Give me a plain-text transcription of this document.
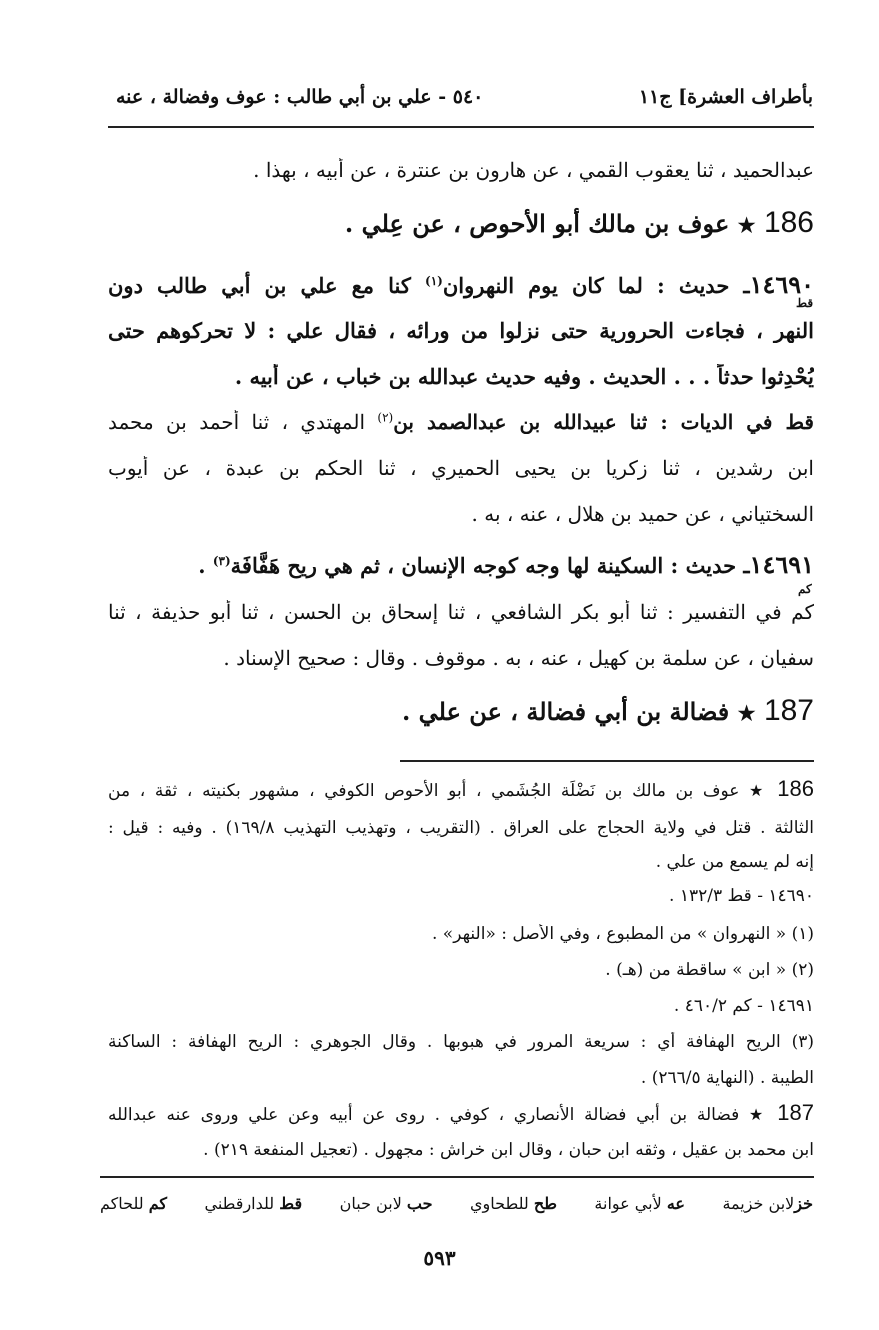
بأطراف العشرة] ج١١
٥٤٠ - علي بن أبي طالب : عوف وفضالة ، عنه
عبدالحميد ، ثنا يعقوب القمي ، عن هارون بن عنترة ، عن أبيه ، بهذا .
186 ★ عوف بن مالك أبو الأحوص ، عن عِلي .
١٤٦٩٠ـ حديث : لما كان يوم النهروان$^{(١)}$ كنا مع علي بن أبي طالب دون
قط
النهر ، فجاءت الحرورية حتى نزلوا من ورائه ، فقال علي : لا تحركوهم حتى
يُحْدِثوا حدثاً . . . الحديث . وفيه حديث عبدالله بن خباب ، عن أبيه .
قط في الديات : ثنا عبيدالله بن عبدالصمد بن$^{(٢)}$ المهتدي ، ثنا أحمد بن محمد
ابن رشدين ، ثنا زكريا بن يحيى الحميري ، ثنا الحكم بن عبدة ، عن أيوب
السختياني ، عن حميد بن هلال ، عنه ، به .
١٤٦٩١ـ حديث : السكينة لها وجه كوجه الإنسان ، ثم هي ريح هَفَّافَة$^{(٣)}$ .
كم
كم في التفسير : ثنا أبو بكر الشافعي ، ثنا إسحاق بن الحسن ، ثنا أبو حذيفة ، ثنا
سفيان ، عن سلمة بن كهيل ، عنه ، به . موقوف . وقال : صحيح الإسناد .
187 ★ فضالة بن أبي فضالة ، عن علي .
186 ★ عوف بن مالك بن نَضْلَة الجُشَمي ، أبو الأحوص الكوفي ، مشهور بكنيته ، ثقة ، من
الثالثة . قتل في ولاية الحجاج على العراق . (التقريب ، وتهذيب التهذيب ١٦٩/٨) . وفيه : قيل :
إنه لم يسمع من علي .
١٤٦٩٠ - قط ١٣٢/٣ .
(١) « النهروان » من المطبوع ، وفي الأصل : «النهر» .
(٢) « ابن » ساقطة من (هـ) .
١٤٦٩١ - كم ٤٦٠/٢ .
(٣) الريح الهفافة أي : سريعة المرور في هبوبها . وقال الجوهري : الريح الهفافة : الساكنة
الطيبة . (النهاية ٢٦٦/٥) .
187 ★ فضالة بن أبي فضالة الأنصاري ، كوفي . روى عن أبيه وعن علي وروى عنه عبدالله
ابن محمد بن عقيل ، وثقه ابن حبان ، وقال ابن خراش : مجهول . (تعجيل المنفعة ٢١٩) .
خزلابن خزيمة
عه لأبي عوانة
طح للطحاوي
حب لابن حبان
قط للدارقطني
كم للحاكم
٥٩٣
